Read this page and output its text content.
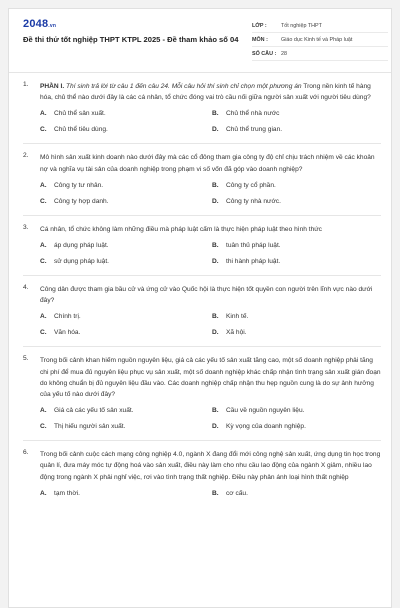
2048.vn
Đề thi thử tốt nghiệp THPT KTPL 2025 - Đề tham khảo số 04
LỚP :	Tốt nghiệp THPT
MÔN :	Giáo dục Kinh tế và Pháp luật
SỐ CÂU : 28
1. PHẦN I. Thí sinh trả lời từ câu 1 đến câu 24. Mỗi câu hỏi thí sinh chỉ chọn một phương án Trong nền kinh tế hàng hóa, chủ thể nào dưới đây là các cá nhân, tổ chức đóng vai trò cầu nối giữa người sản xuất với người tiêu dùng?
A. Chủ thể sản xuất.	B. Chủ thể nhà nước
C. Chủ thể tiêu dùng.	D. Chủ thể trung gian.
2. Mô hình sản xuất kinh doanh nào dưới đây mà các cổ đông tham gia công ty độ chỉ chịu trách nhiệm về các khoản nợ và nghĩa vụ tài sản của doanh nghiệp trong phạm vi số vốn đã góp vào doanh nghiệp?
A. Công ty tư nhân.	B. Công ty cổ phần.
C. Công ty hợp danh.	D. Công ty nhà nước.
3. Cá nhân, tổ chức không làm những điều mà pháp luật cấm là thực hiện pháp luật theo hình thức
A. áp dụng pháp luật.	B. tuân thủ pháp luật.
C. sử dụng pháp luật.	D. thi hành pháp luật.
4. Công dân được tham gia bầu cử và ứng cử vào Quốc hội là thực hiện tốt quyền con người trên lĩnh vực nào dưới đây?
A. Chính trị.	B. Kinh tế.
C. Văn hóa.	D. Xã hội.
5. Trong bối cảnh khan hiếm nguồn nguyên liệu, giá cả các yếu tố sản xuất tăng cao, một số doanh nghiệp phải tăng chi phí để mua đủ nguyên liệu phục vụ sản xuất, một số doanh nghiệp khác chấp nhận tình trạng sản xuất gián đoạn do không chuẩn bị đủ nguyên liệu đầu vào. Các doanh nghiệp chấp nhận thu hẹp nguồn cung là do sự ảnh hưởng của yếu tố nào dưới đây?
A. Giá cả các yếu tố sản xuất.	B. Cầu về nguồn nguyên liệu.
C. Thị hiếu người sản xuất.	D. Kỳ vọng của doanh nghiệp.
6. Trong bối cảnh cuộc cách mạng công nghiệp 4.0, ngành X đang đổi mới công nghệ sản xuất, ứng dụng tin học trong quản lí, đưa máy móc tự động hoá vào sản xuất, điều này làm cho nhu cầu lao động của ngành X giảm, nhiều lao động trong ngành X phải nghỉ việc, rơi vào tình trạng thất nghiệp. Điều này phản ánh loại hình thất nghiệp
A. tạm thời.	B. cơ cấu.
